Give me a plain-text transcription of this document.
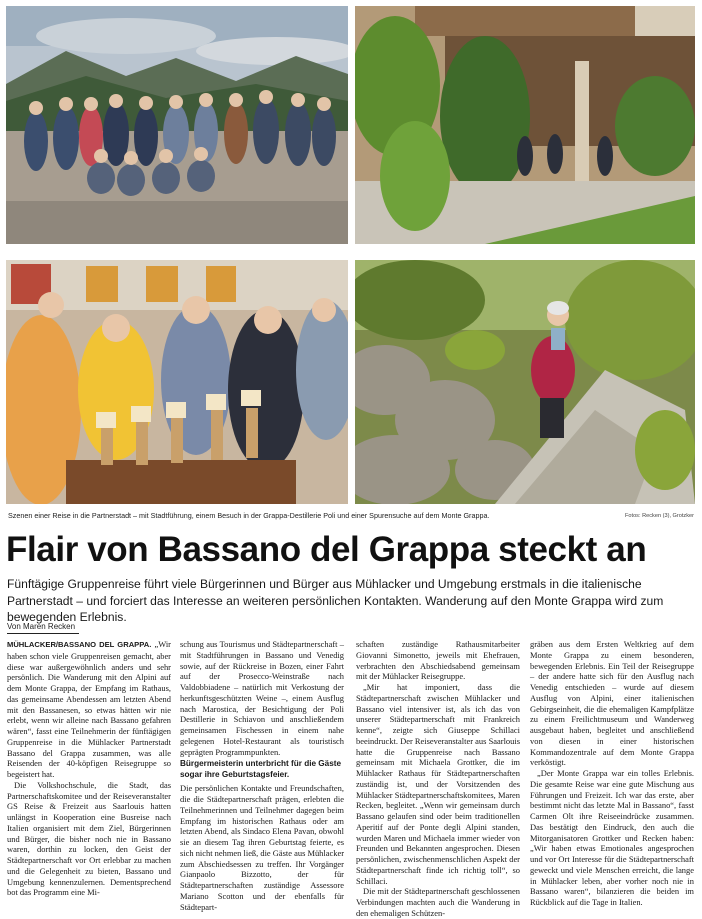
Szenen einer Reise in die Partnerstadt – mit Stadtführung, einem Besuch in der Grappa-Destillerie Poli und einer Spurensuche auf dem Monte Grappa.	Fotos: Recken (3), Grotzker
Flair von Bassano del Grappa steckt an
Fünftägige Gruppenreise führt viele Bürgerinnen und Bürger aus Mühlacker und Umgebung erstmals in die italienische Partnerstadt – und forciert das Interesse an weiteren persönlichen Kontakten. Wanderung auf den Monte Grappa wird zum bewegenden Erlebnis.
Von Maren Recken

MÜHLACKER/BASSANO DEL GRAPPA. „Wir haben schon viele Gruppenreisen gemacht, aber diese war außergewöhnlich anders und sehr persönlich. Die Wanderung mit den Alpini auf dem Monte Grappa, der Empfang im Rathaus, das gemeinsame Abendessen am letzten Abend mit den Bassanesen, so etwas hätten wir nie erlebt, wenn wir alleine nach Bassano gefahren wären“, fasst eine Teilnehmerin der fünftägigen Gruppenreise in die Mühlacker Partnerstadt Bassano del Grappa zusammen, was alle Reisenden der 40-köpfigen Reisegruppe so begeistert hat.

Die Volkshochschule, die Stadt, das Partnerschaftskomitee und der Reiseveranstalter GS Reise & Freizeit aus Saarlouis hatten unlängst in Kooperation eine Busreise nach Italien organisiert mit dem Ziel, Bürgerinnen und Bürger, die bisher noch nie in Bassano waren, dorthin zu locken, den Geist der Städtepartnerschaft vor Ort erlebbar zu machen und die Gelegenheit zu bieten, Bassano und Umgebung kennenzulernen. Dementsprechend bot das Programm eine Mi-

schung aus Tourismus und Städtepartnerschaft – mit Stadtführungen in Bassano und Venedig sowie, auf der Rückreise in Bozen, einer Fahrt auf der Prosecco-Weinstraße nach Valdobbiadene – natürlich mit Verkostung der herkunftsgeschützten Weine –, einem Ausflug nach Marostica, der Besichtigung der Poli Destillerie in Schiavon und anschließendem gemeinsamen Fischessen in einem nahe gelegenen Hotel-Restaurant als touristisch geprägten Programmpunkten.

Bürgermeisterin unterbricht für die Gäste sogar ihre Geburtstagsfeier.

Die persönlichen Kontakte und Freundschaften, die die Städtepartnerschaft prägen, erlebten die Teilnehmerinnen und Teilnehmer dagegen beim Empfang im historischen Rathaus oder am letzten Abend, als Sindaco Elena Pavan, obwohl sie an diesem Tag ihren Geburtstag feierte, es sich nicht nehmen ließ, die Gäste aus Mühlacker zum Abschiedsessen zu treffen. Ihr Vorgänger Gianpaolo Bizzotto, der für Städtepartnerschaften zuständige Assessore Mariano Scotton und der ebenfalls für Städtepart-

schaften zuständige Rathausmitarbeiter Giovanni Simonetto, jeweils mit Ehefrauen, verbrachten den Abschiedsabend gemeinsam mit der Mühlacker Reisegruppe.

„Mir hat imponiert, dass die Städtepartnerschaft zwischen Mühlacker und Bassano viel intensiver ist, als ich das von unserer Städtepartnerschaft mit Frankreich kenne“, zeigte sich Giuseppe Schillaci beeindruckt. Der Reiseveranstalter aus Saarlouis hatte die Gruppenreise nach Bassano gemeinsam mit Michaela Grottker, die im Mühlacker Rathaus für Städtepartnerschaften zuständig ist, und der Vorsitzenden des Mühlacker Städtepartnerschaftskomitees, Maren Recken, begleitet. „Wenn wir gemeinsam durch Bassano gelaufen sind oder beim traditionellen Aperitif auf der Ponte degli Alpini standen, wurden Maren und Michaela immer wieder von Freunden und Bekannten angesprochen. Diesen persönlichen, zwischenmenschlichen Aspekt der Städtepartnerschaft finde ich richtig toll“, so Schillaci.

Die mit der Städtepartnerschaft geschlossenen Verbindungen machten auch die Wanderung in den ehemaligen Schützen-

gräben aus dem Ersten Weltkrieg auf dem Monte Grappa zu einem besonderen, bewegenden Erlebnis. Ein Teil der Reisegruppe – der andere hatte sich für den Ausflug nach Venedig entschieden – wurde auf diesem Ausflug von Alpini, einer italienischen Gebirgseinheit, die die ehemaligen Kampfplätze zu einem Freilichtmuseum und Wanderweg ausgebaut haben, begleitet und anschließend von diesen in einer historischen Kommandozentrale auf dem Monte Grappa verköstigt.

„Der Monte Grappa war ein tolles Erlebnis. Die gesamte Reise war eine gute Mischung aus Führungen und Freizeit. Ich war das erste, aber bestimmt nicht das letzte Mal in Bassano“, fasst Carmen Olt ihre Reiseeindrücke zusammen. Das bestätigt den Eindruck, den auch die Mitorganisatoren Grottker und Recken haben: „Wir haben etwas Emotionales angesprochen und vor Ort Interesse für die Städtepartnerschaft geweckt und viele Menschen erreicht, die lange in Mühlacker leben, aber vorher noch nie in Bassano waren“, bilanzieren die beiden im Rückblick auf die Tage in Italien.
